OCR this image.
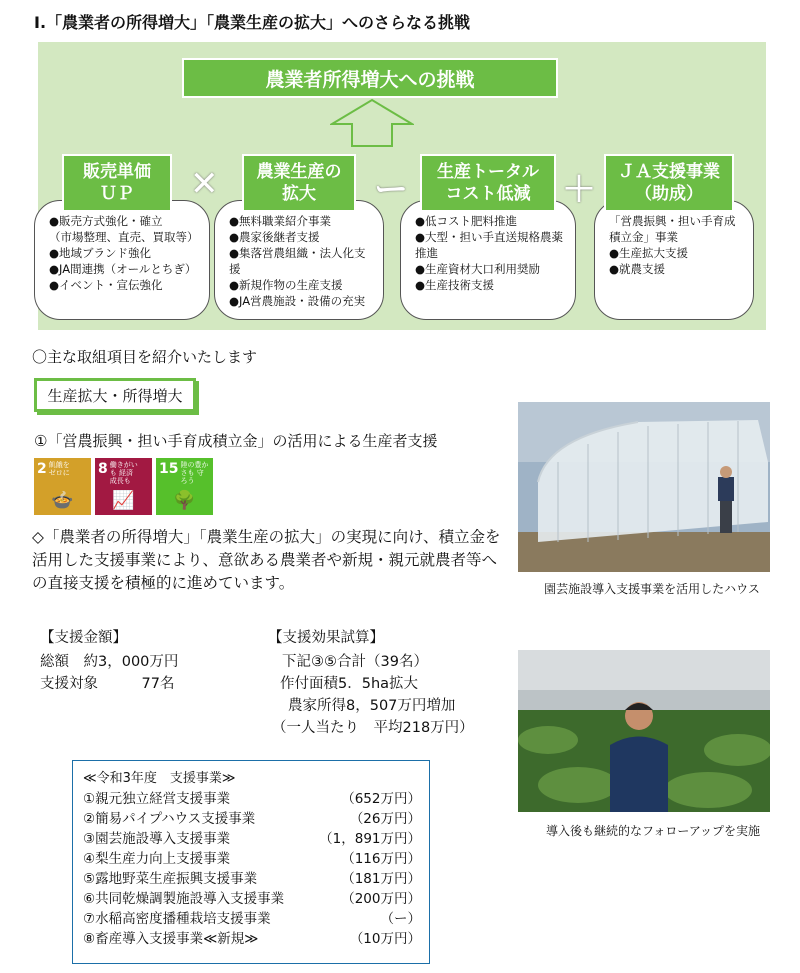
Ⅰ.「農業者の所得増大」「農業生産の拡大」へのさらなる挑戦
農業者所得増大への挑戦
●販売方式強化・確立
（市場整理、直売、買取等）
●地域ブランド強化
●JA間連携（オールとちぎ）
●イベント・宣伝強化
●無料職業紹介事業
●農家後継者支援
●集落営農組織・法人化支援
●新規作物の生産支援
●JA営農施設・設備の充実
●低コスト肥料推進
●大型・担い手直送規格農薬
推進
●生産資材大口利用奨励
●生産技術支援
「営農振興・担い手育成
積立金」事業
●生産拡大支援
●就農支援
販売単価
ＵＰ
農業生産の
拡大
生産トータル
コスト低減
ＪＡ支援事業
（助成）
✕	ー	＋
〇主な取組項目を紹介いたします
生産拡大・所得増大
①「営農振興・担い手育成積立金」の活用による生産者支援
2 飢餓を ゼロに
🍲
8 働きがいも 経済成長も
📈
15 陸の豊かさも 守ろう
🌳
◇「農業者の所得増大」「農業生産の拡大」の実現に向け、積立金を活用した支援事業により、意欲ある農業者や新規・親元就農者等への直接支援を積極的に進めています。
【支援金額】
総額　約3，000万円
支援対象　　　77名
【支援効果試算】
下記③⑤合計（39名）
作付面積5．5ha拡大
農家所得8，507万円増加
（一人当たり　平均218万円）
≪令和3年度　支援事業≫
①親元独立経営支援事業	（652万円）
②簡易パイプハウス支援事業	（26万円）
③園芸施設導入支援事業	（1，891万円）
④梨生産力向上支援事業	（116万円）
⑤露地野菜生産振興支援事業	（181万円）
⑥共同乾燥調製施設導入支援事業	（200万円）
⑦水稲高密度播種栽培支援事業	（ー）
⑧畜産導入支援事業≪新規≫	（10万円）
園芸施設導入支援事業を活用したハウス
導入後も継続的なフォローアップを実施
